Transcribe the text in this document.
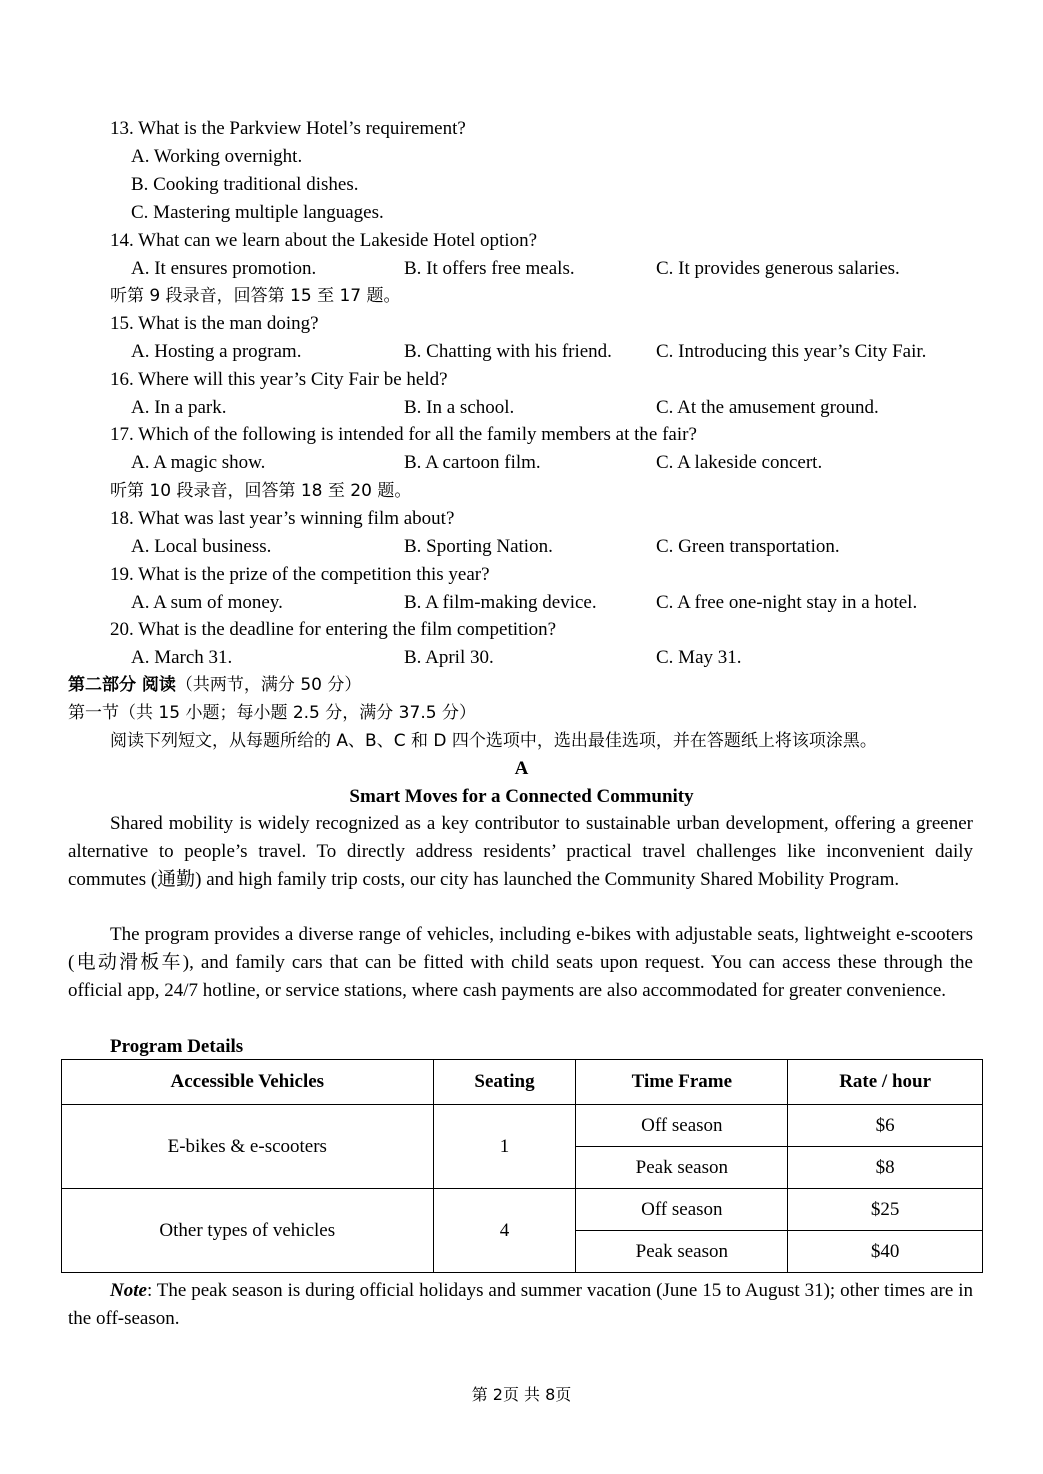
13. What is the Parkview Hotel’s requirement?
A. Working overnight.
B. Cooking traditional dishes.
C. Mastering multiple languages.
14. What can we learn about the Lakeside Hotel option?
A. It ensures promotion.	B. It offers free meals.	C. It provides generous salaries.
听第 9 段录音，回答第 15 至 17 题。
15. What is the man doing?
A. Hosting a program.	B. Chatting with his friend. C. Introducing this year’s City Fair.
16. Where will this year’s City Fair be held?
A. In a park.	B. In a school.	C. At the amusement ground.
17. Which of the following is intended for all the family members at the fair?
A. A magic show.	B. A cartoon film.	C. A lakeside concert.
听第 10 段录音，回答第 18 至 20 题。
18. What was last year’s winning film about?
A. Local business.	B. Sporting Nation.	C. Green transportation.
19. What is the prize of the competition this year?
A. A sum of money.	B. A film-making device.	C. A free one-night stay in a hotel.
20. What is the deadline for entering the film competition?
A. March 31.	B. April 30.	C. May 31.
第二部分 阅读（共两节，满分 50 分）
第一节（共 15 小题；每小题 2.5 分，满分 37.5 分）
阅读下列短文，从每题所给的 A、B、C 和 D 四个选项中，选出最佳选项，并在答题纸上将该项涂黑。
A
Smart Moves for a Connected Community

Shared mobility is widely recognized as a key contributor to sustainable urban development, offering a greener alternative to people’s travel. To directly address residents’ practical travel challenges like inconvenient daily commutes (通勤) and high family trip costs, our city has launched the Community Shared Mobility Program.

The program provides a diverse range of vehicles, including e-bikes with adjustable seats, lightweight e-scooters (电动滑板车), and family cars that can be fitted with child seats upon request. You can access these through the official app, 24/7 hotline, or service stations, where cash payments are also accommodated for greater convenience.

Program Details
Accessible Vehicles	Seating	Time Frame	Rate / hour
E-bikes & e-scooters	1	Off season	$6
		Peak season	$8
Other types of vehicles	4	Off season	$25
		Peak season	$40

Note: The peak season is during official holidays and summer vacation (June 15 to August 31); other times are in the off-season.

第 2页 共 8页
